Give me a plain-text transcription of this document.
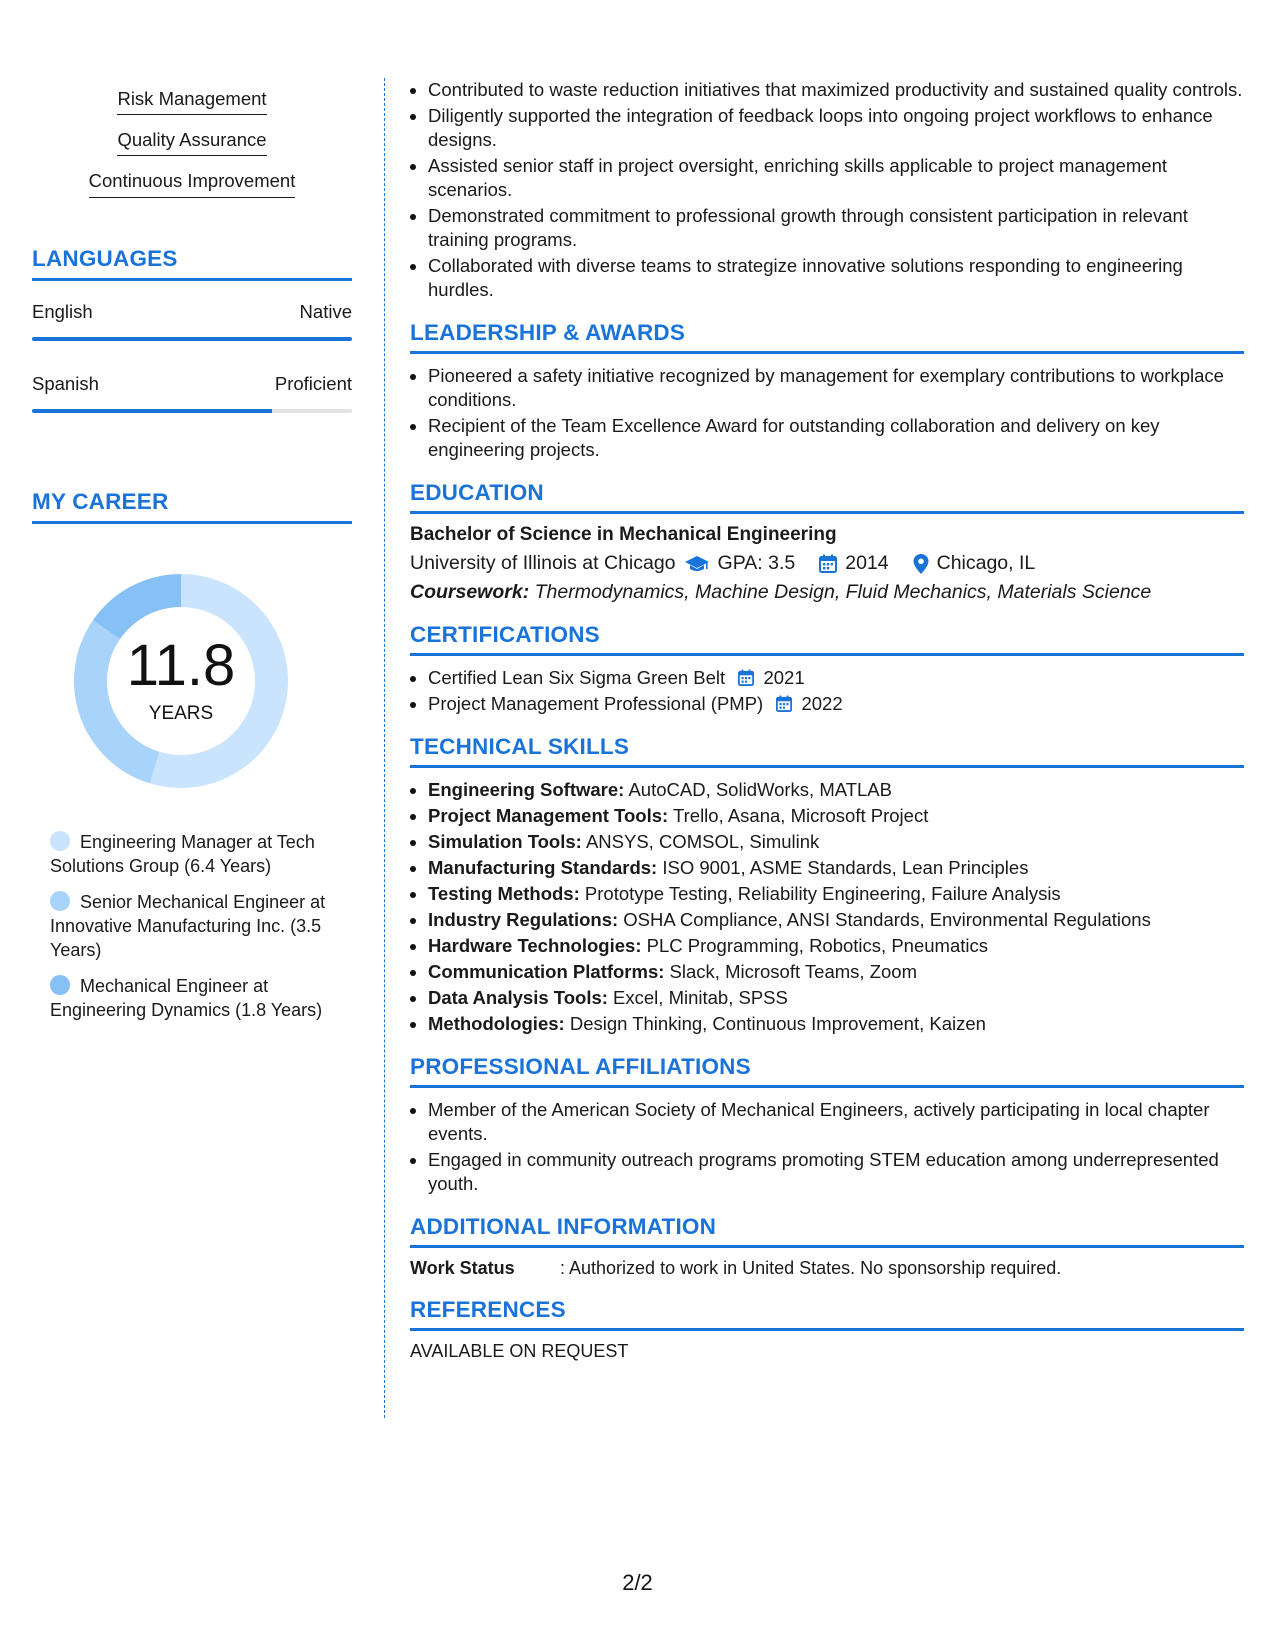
Risk Management
Quality Assurance
Continuous Improvement
LANGUAGES
English	Native
Spanish	Proficient
MY CAREER
11.8
YEARS
Engineering Manager at Tech Solutions Group (6.4 Years)
Senior Mechanical Engineer at Innovative Manufacturing Inc. (3.5 Years)
Mechanical Engineer at Engineering Dynamics (1.8 Years)
Contributed to waste reduction initiatives that maximized productivity and sustained quality controls.
Diligently supported the integration of feedback loops into ongoing project workflows to enhance designs.
Assisted senior staff in project oversight, enriching skills applicable to project management scenarios.
Demonstrated commitment to professional growth through consistent participation in relevant training programs.
Collaborated with diverse teams to strategize innovative solutions responding to engineering hurdles.
LEADERSHIP & AWARDS
Pioneered a safety initiative recognized by management for exemplary contributions to workplace conditions.
Recipient of the Team Excellence Award for outstanding collaboration and delivery on key engineering projects.
EDUCATION
Bachelor of Science in Mechanical Engineering
University of Illinois at Chicago GPA: 3.5	2014 Chicago, IL
Coursework: Thermodynamics, Machine Design, Fluid Mechanics, Materials Science
CERTIFICATIONS
Certified Lean Six Sigma Green Belt 2021
Project Management Professional (PMP) 2022
TECHNICAL SKILLS
Engineering Software: AutoCAD, SolidWorks, MATLAB
Project Management Tools: Trello, Asana, Microsoft Project
Simulation Tools: ANSYS, COMSOL, Simulink
Manufacturing Standards: ISO 9001, ASME Standards, Lean Principles
Testing Methods: Prototype Testing, Reliability Engineering, Failure Analysis
Industry Regulations: OSHA Compliance, ANSI Standards, Environmental Regulations
Hardware Technologies: PLC Programming, Robotics, Pneumatics
Communication Platforms: Slack, Microsoft Teams, Zoom
Data Analysis Tools: Excel, Minitab, SPSS
Methodologies: Design Thinking, Continuous Improvement, Kaizen
PROFESSIONAL AFFILIATIONS
Member of the American Society of Mechanical Engineers, actively participating in local chapter events.
Engaged in community outreach programs promoting STEM education among underrepresented youth.
ADDITIONAL INFORMATION
Work Status	: Authorized to work in United States. No sponsorship required.
REFERENCES
AVAILABLE ON REQUEST
2/2
